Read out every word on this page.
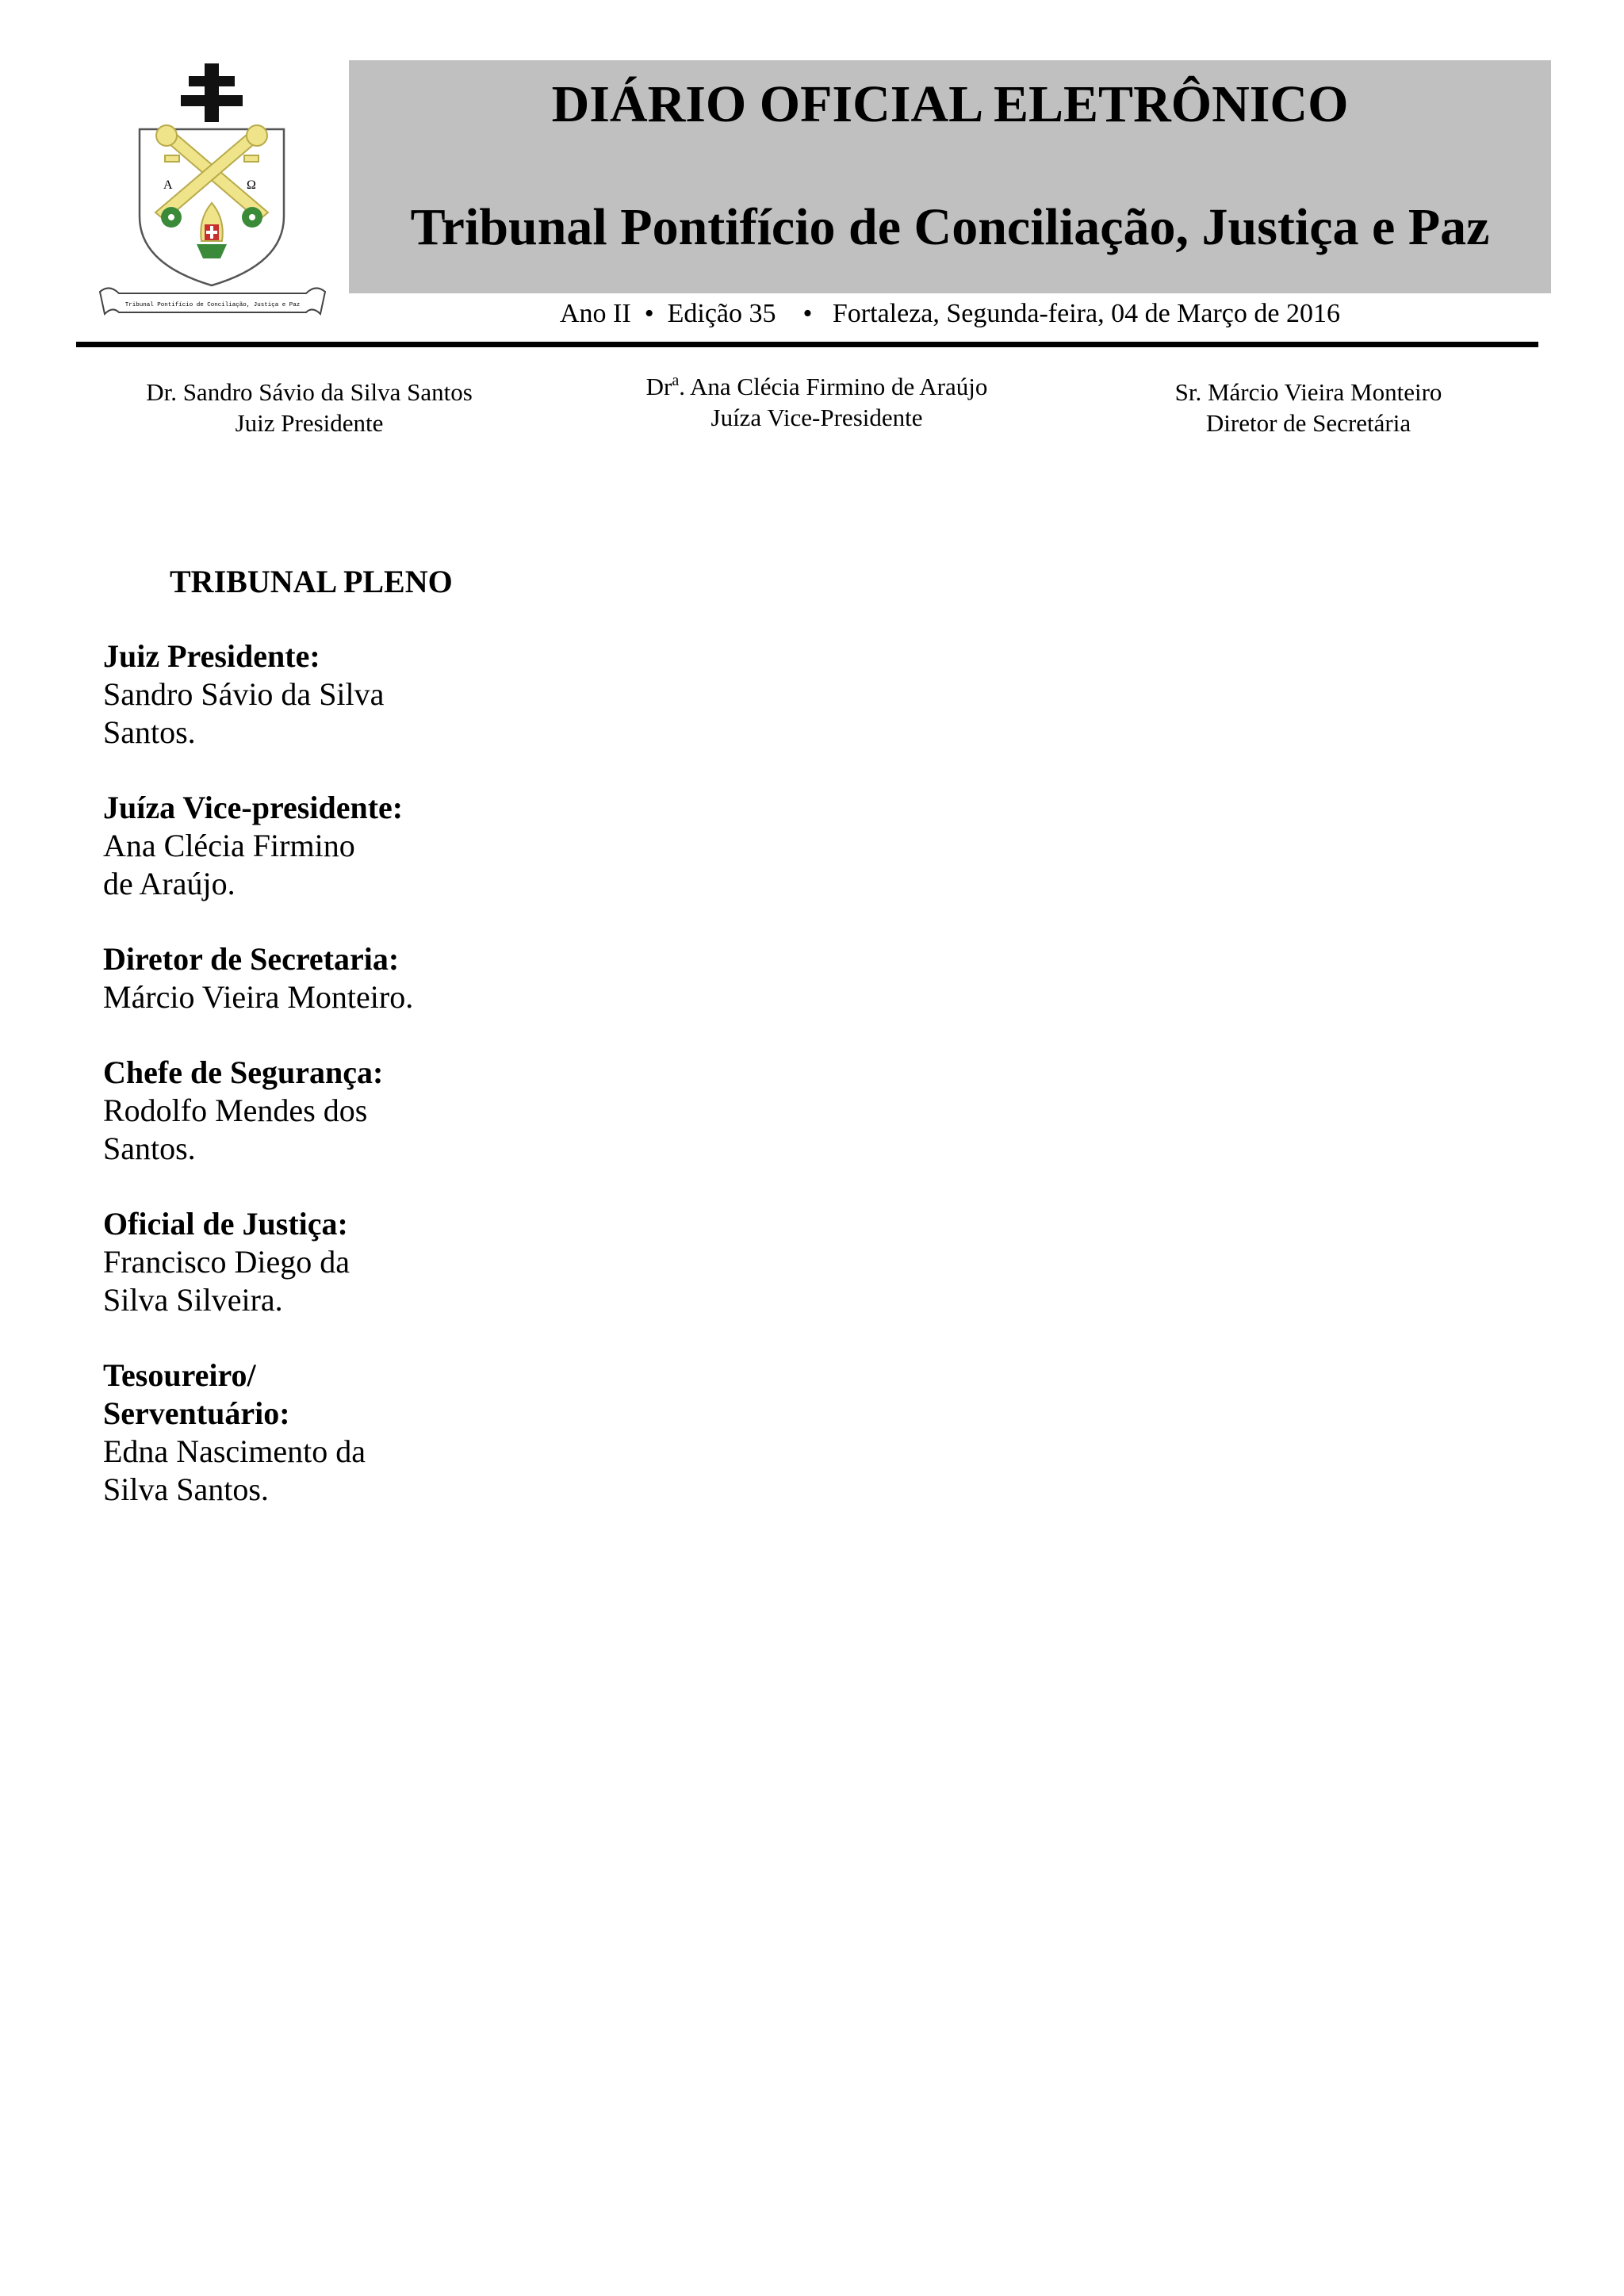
A	Ω
Tribunal Pontifício de Conciliação, Justiça e Paz
DIÁRIO OFICIAL ELETRÔNICO
Tribunal Pontifício de Conciliação, Justiça e Paz
Ano II  •  Edição 35    •   Fortaleza, Segunda-feira, 04 de Março de 2016
Dr. Sandro Sávio da Silva Santos
Juiz Presidente
Dr$^a$. Ana Clécia Firmino de Araújo
Juíza Vice-Presidente
Sr. Márcio Vieira Monteiro
Diretor de Secretária
TRIBUNAL PLENO
Juiz Presidente:
Sandro Sávio da Silva
Santos.
Juíza Vice-presidente:
Ana Clécia Firmino
de Araújo.
Diretor de Secretaria:
Márcio Vieira Monteiro.
Chefe de Segurança:
Rodolfo Mendes dos
Santos.
Oficial de Justiça:
Francisco Diego da
Silva Silveira.
Tesoureiro/
Serventuário:
Edna Nascimento da
Silva Santos.
